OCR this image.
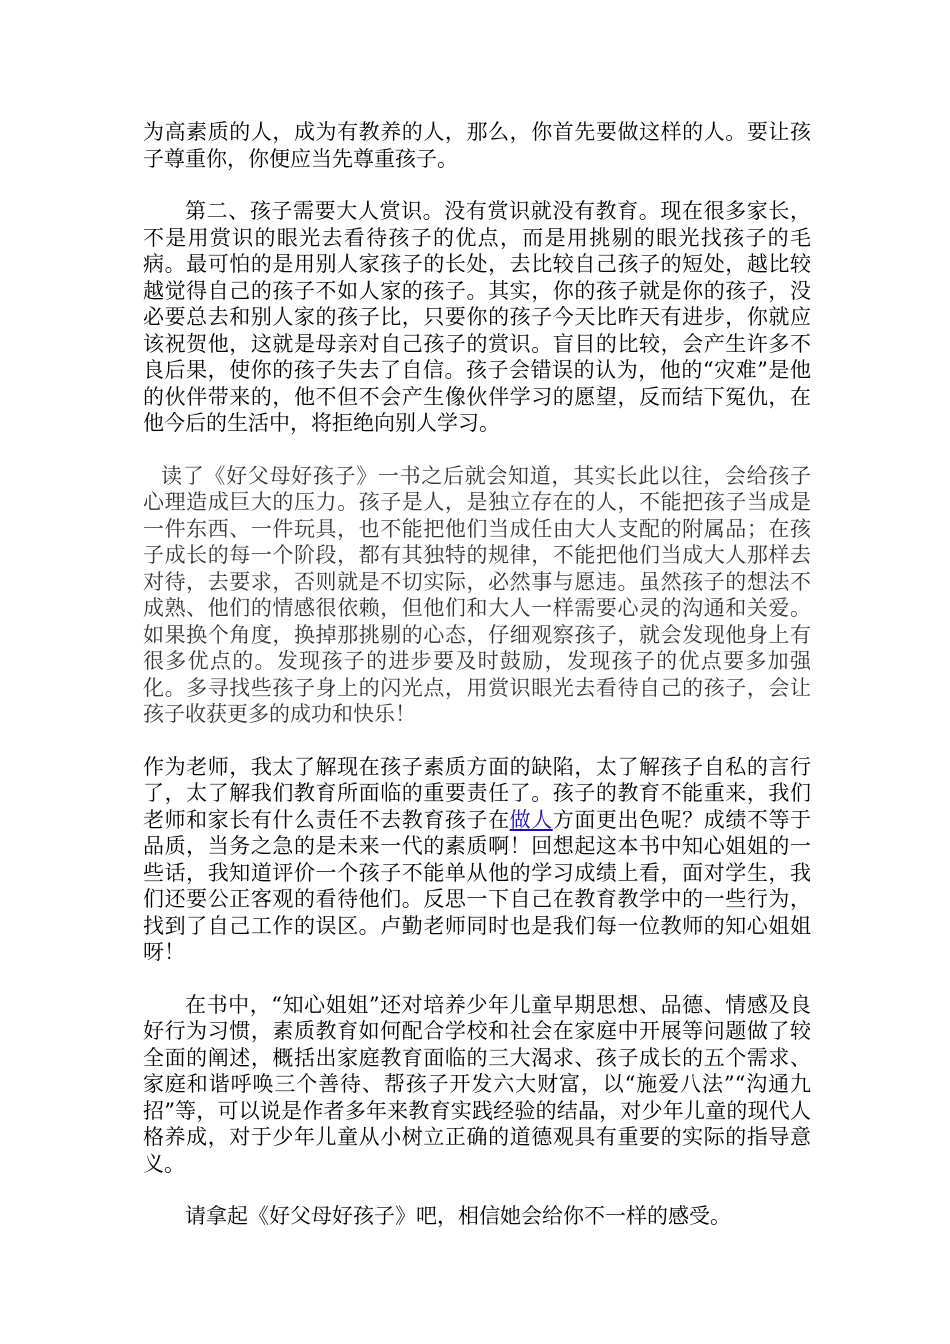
为高素质的人，成为有教养的人，那么，你首先要做这样的人。要让孩子尊重你，你便应当先尊重孩子。

第二、孩子需要大人赏识。没有赏识就没有教育。现在很多家长，不是用赏识的眼光去看待孩子的优点，而是用挑剔的眼光找孩子的毛病。最可怕的是用别人家孩子的长处，去比较自己孩子的短处，越比较越觉得自己的孩子不如人家的孩子。其实，你的孩子就是你的孩子，没必要总去和别人家的孩子比，只要你的孩子今天比昨天有进步，你就应该祝贺他，这就是母亲对自己孩子的赏识。盲目的比较，会产生许多不良后果，使你的孩子失去了自信。孩子会错误的认为，他的“灾难”是他的伙伴带来的，他不但不会产生像伙伴学习的愿望，反而结下冤仇，在他今后的生活中，将拒绝向别人学习。

读了《好父母好孩子》一书之后就会知道，其实长此以往，会给孩子心理造成巨大的压力。孩子是人，是独立存在的人，不能把孩子当成是一件东西、一件玩具，也不能把他们当成任由大人支配的附属品；在孩子成长的每一个阶段，都有其独特的规律，不能把他们当成大人那样去对待，去要求，否则就是不切实际，必然事与愿违。虽然孩子的想法不成熟、他们的情感很依赖，但他们和大人一样需要心灵的沟通和关爱。如果换个角度，换掉那挑剔的心态，仔细观察孩子，就会发现他身上有很多优点的。发现孩子的进步要及时鼓励，发现孩子的优点要多加强化。多寻找些孩子身上的闪光点，用赏识眼光去看待自己的孩子，会让孩子收获更多的成功和快乐！

作为老师，我太了解现在孩子素质方面的缺陷，太了解孩子自私的言行了，太了解我们教育所面临的重要责任了。孩子的教育不能重来，我们老师和家长有什么责任不去教育孩子在做人方面更出色呢？成绩不等于品质，当务之急的是未来一代的素质啊！回想起这本书中知心姐姐的一些话，我知道评价一个孩子不能单从他的学习成绩上看，面对学生，我们还要公正客观的看待他们。反思一下自己在教育教学中的一些行为，找到了自己工作的误区。卢勤老师同时也是我们每一位教师的知心姐姐呀！

在书中，“知心姐姐”还对培养少年儿童早期思想、品德、情感及良好行为习惯，素质教育如何配合学校和社会在家庭中开展等问题做了较全面的阐述，概括出家庭教育面临的三大渴求、孩子成长的五个需求、家庭和谐呼唤三个善待、帮孩子开发六大财富，以“施爱八法”“沟通九招”等，可以说是作者多年来教育实践经验的结晶，对少年儿童的现代人格养成，对于少年儿童从小树立正确的道德观具有重要的实际的指导意义。

请拿起《好父母好孩子》吧，相信她会给你不一样的感受。
